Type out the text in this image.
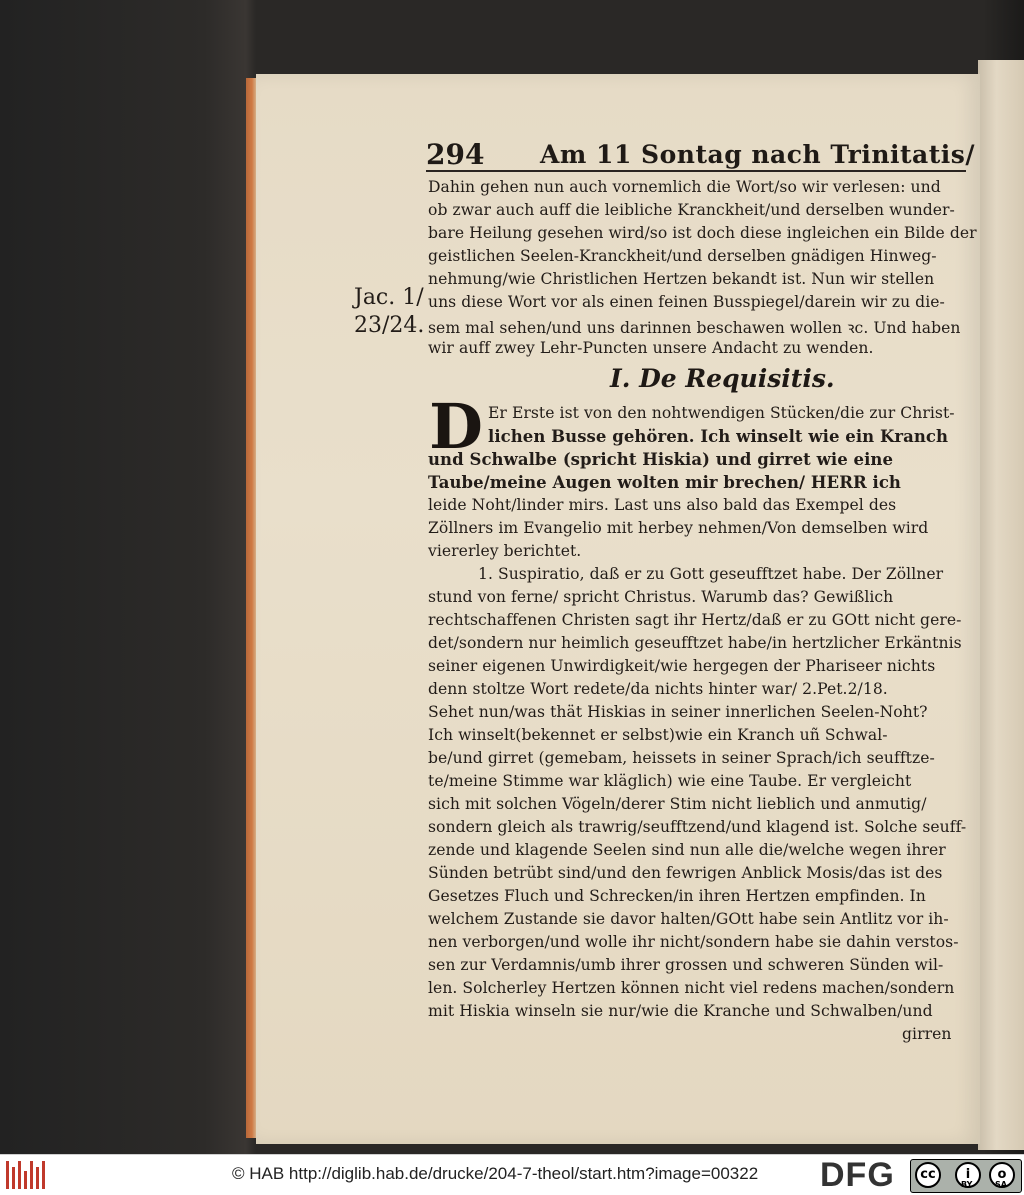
294 Am 11 Sontag nach Trinitatis/
Jac. 1/
23/24.
I. De Requisitis.
D
Dahin gehen nun auch vornemlich die Wort/so wir verlesen: und
ob zwar auch auff die leibliche Kranckheit/und derselben wunder-
bare Heilung gesehen wird/so ist doch diese ingleichen ein Bilde der
geistlichen Seelen-Kranckheit/und derselben gnädigen Hinweg-
nehmung/wie Christlichen Hertzen bekandt ist. Nun wir stellen
uns diese Wort vor als einen feinen Busspiegel/darein wir zu die-
sem mal sehen/und uns darinnen beschawen wollen ꝛc. Und haben
wir auff zwey Lehr-Puncten unsere Andacht zu wenden.
Er Erste ist von den nohtwendigen Stücken/die zur Christ-
lichen Busse gehören. Ich winselt wie ein Kranch
und Schwalbe (spricht Hiskia) und girret wie eine
Taube/meine Augen wolten mir brechen/ HERR ich
leide Noht/linder mirs. Last uns also bald das Exempel des
Zöllners im Evangelio mit herbey nehmen/Von demselben wird
viererley berichtet.
1. Suspiratio, daß er zu Gott geseufftzet habe. Der Zöllner
stund von ferne/ spricht Christus. Warumb das? Gewißlich
rechtschaffenen Christen sagt ihr Hertz/daß er zu GOtt nicht gere-
det/sondern nur heimlich geseufftzet habe/in hertzlicher Erkäntnis
seiner eigenen Unwirdigkeit/wie hergegen der Phariseer nichts
denn stoltze Wort redete/da nichts hinter war/ 2.Pet.2/18.
Sehet nun/was thät Hiskias in seiner innerlichen Seelen-Noht?
Ich winselt(bekennet er selbst)wie ein Kranch uñ Schwal-
be/und girret (gemebam, heissets in seiner Sprach/ich seufftze-
te/meine Stimme war kläglich) wie eine Taube. Er vergleicht
sich mit solchen Vögeln/derer Stim nicht lieblich und anmutig/
sondern gleich als trawrig/seufftzend/und klagend ist. Solche seuff-
zende und klagende Seelen sind nun alle die/welche wegen ihrer
Sünden betrübt sind/und den fewrigen Anblick Mosis/das ist des
Gesetzes Fluch und Schrecken/in ihren Hertzen empfinden. In
welchem Zustande sie davor halten/GOtt habe sein Antlitz vor ih-
nen verborgen/und wolle ihr nicht/sondern habe sie dahin verstos-
sen zur Verdamnis/umb ihrer grossen und schweren Sünden wil-
len. Solcherley Hertzen können nicht viel redens machen/sondern
mit Hiskia winseln sie nur/wie die Kranche und Schwalben/und
girren
© HAB http://diglib.hab.de/drucke/204-7-theol/start.htm?image=00322 DFG	cc	i	o
BY	SA
